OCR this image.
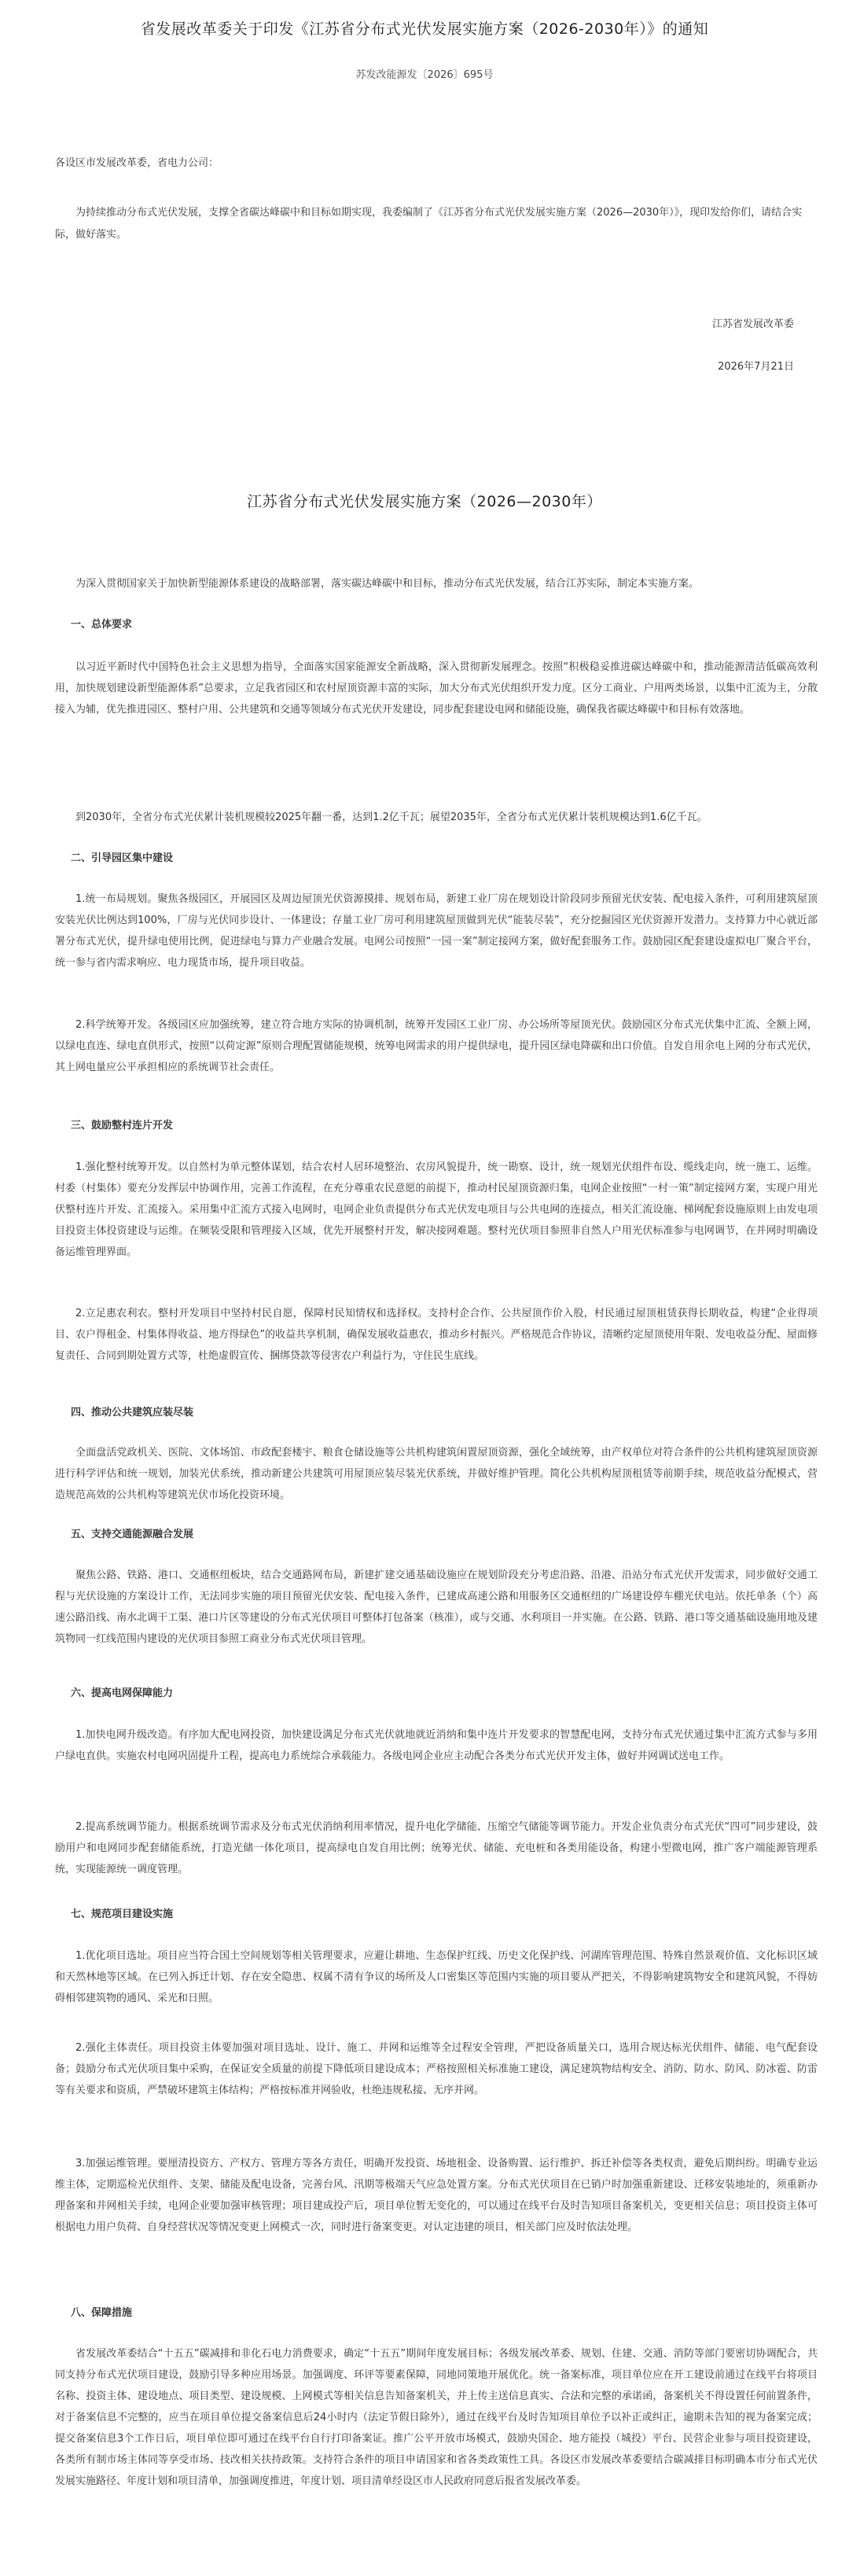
省发展改革委关于印发《江苏省分布式光伏发展实施方案（2026-2030年）》的通知
苏发改能源发〔2026〕695号
各设区市发展改革委，省电力公司：

为持续推动分布式光伏发展，支撑全省碳达峰碳中和目标如期实现，我委编制了《江苏省分布式光伏发展实施方案（2026—2030年）》，现印发给你们，请结合实际，做好落实。

江苏省发展改革委
2026年7月21日
江苏省分布式光伏发展实施方案（2026—2030年）

为深入贯彻国家关于加快新型能源体系建设的战略部署，落实碳达峰碳中和目标，推动分布式光伏发展，结合江苏实际，制定本实施方案。

一、总体要求

以习近平新时代中国特色社会主义思想为指导，全面落实国家能源安全新战略，深入贯彻新发展理念。按照“积极稳妥推进碳达峰碳中和，推动能源清洁低碳高效利用，加快规划建设新型能源体系”总要求，立足我省园区和农村屋顶资源丰富的实际，加大分布式光伏组织开发力度。区分工商业、户用两类场景，以集中汇流为主，分散接入为辅，优先推进园区、整村户用、公共建筑和交通等领域分布式光伏开发建设，同步配套建设电网和储能设施，确保我省碳达峰碳中和目标有效落地。

到2030年，全省分布式光伏累计装机规模较2025年翻一番，达到1.2亿千瓦；展望2035年，全省分布式光伏累计装机规模达到1.6亿千瓦。

二、引导园区集中建设

1.统一布局规划。聚焦各级园区，开展园区及周边屋顶光伏资源摸排、规划布局，新建工业厂房在规划设计阶段同步预留光伏安装、配电接入条件，可利用建筑屋顶安装光伏比例达到100%，厂房与光伏同步设计、一体建设；存量工业厂房可利用建筑屋顶做到光伏“能装尽装”，充分挖掘园区光伏资源开发潜力。支持算力中心就近部署分布式光伏，提升绿电使用比例，促进绿电与算力产业融合发展。电网公司按照“一园一案”制定接网方案，做好配套服务工作。鼓励园区配套建设虚拟电厂聚合平台，统一参与省内需求响应、电力现货市场，提升项目收益。

2.科学统筹开发。各级园区应加强统筹，建立符合地方实际的协调机制，统筹开发园区工业厂房、办公场所等屋顶光伏。鼓励园区分布式光伏集中汇流、全额上网，以绿电直连、绿电直供形式，按照“以荷定源”原则合理配置储能规模，统筹电网需求的用户提供绿电，提升园区绿电降碳和出口价值。自发自用余电上网的分布式光伏，其上网电量应公平承担相应的系统调节社会责任。

三、鼓励整村连片开发

1.强化整村统筹开发。以自然村为单元整体谋划，结合农村人居环境整治、农房风貌提升，统一勘察、设计，统一规划光伏组件布设、缆线走向，统一施工、运维。村委（村集体）要充分发挥层中协调作用，完善工作流程，在充分尊重农民意愿的前提下，推动村民屋顶资源归集，电网企业按照“一村一策”制定接网方案，实现户用光伏整村连片开发、汇流接入。采用集中汇流方式接入电网时，电网企业负责提供分布式光伏发电项目与公共电网的连接点，相关汇流设施、梯网配套设施原则上由发电项目投资主体投资建设与运维。在频装受限和管理接入区域，优先开展整村开发，解决接网难题。整村光伏项目参照非自然人户用光伏标准参与电网调节，在并网时明确设备运维管理界面。

2.立足惠农利农。整村开发项目中坚持村民自愿，保障村民知情权和选择权。支持村企合作、公共屋顶作价入股，村民通过屋顶租赁获得长期收益，构建“企业得项目、农户得租金、村集体得收益、地方得绿色”的收益共享机制，确保发展收益惠农，推动乡村振兴。严格规范合作协议，清晰约定屋顶使用年限、发电收益分配、屋面修复责任、合同到期处置方式等，杜绝虚假宣传、捆绑贷款等侵害农户利益行为，守住民生底线。

四、推动公共建筑应装尽装

全面盘活党政机关、医院、文体场馆、市政配套楼宇、粮食仓储设施等公共机构建筑闲置屋顶资源，强化全域统筹，由产权单位对符合条件的公共机构建筑屋顶资源进行科学评估和统一规划，加装光伏系统，推动新建公共建筑可用屋顶应装尽装光伏系统，并做好维护管理。简化公共机构屋顶租赁等前期手续，规范收益分配模式，营造规范高效的公共机构等建筑光伏市场化投资环境。

五、支持交通能源融合发展

聚焦公路、铁路、港口、交通枢纽板块，结合交通路网布局，新建扩建交通基础设施应在规划阶段充分考虑沿路、沿港、沿站分布式光伏开发需求，同步做好交通工程与光伏设施的方案设计工作，无法同步实施的项目预留光伏安装、配电接入条件，已建成高速公路和用服务区交通枢纽的广场建设停车棚光伏电站。依托单条（个）高速公路沿线、南水北调干工渠、港口片区等建设的分布式光伏项目可整体打包备案（核准），或与交通、水利项目一并实施。在公路、铁路、港口等交通基础设施用地及建筑物同一红线范围内建设的光伏项目参照工商业分布式光伏项目管理。

六、提高电网保障能力

1.加快电网升级改造。有序加大配电网投资，加快建设满足分布式光伏就地就近消纳和集中连片开发要求的智慧配电网，支持分布式光伏通过集中汇流方式参与多用户绿电直供。实施农村电网巩固提升工程，提高电力系统综合承载能力。各级电网企业应主动配合各类分布式光伏开发主体，做好并网调试送电工作。

2.提高系统调节能力。根据系统调节需求及分布式光伏消纳利用率情况，提升电化学储能、压缩空气储能等调节能力。开发企业负责分布式光伏“四可”同步建设，鼓励用户和电网同步配套储能系统，打造光储一体化项目，提高绿电自发自用比例；统筹光伏、储能、充电桩和各类用能设备，构建小型微电网，推广客户端能源管理系统，实现能源统一调度管理。

七、规范项目建设实施

1.优化项目选址。项目应当符合国土空间规划等相关管理要求，应避让耕地、生态保护红线、历史文化保护线、河湖库管理范围、特殊自然景观价值、文化标识区域和天然林地等区域。在已列入拆迁计划、存在安全隐患、权属不清有争议的场所及人口密集区等范围内实施的项目要从严把关，不得影响建筑物安全和建筑风貌，不得妨碍相邻建筑物的通风、采光和日照。

2.强化主体责任。项目投资主体要加强对项目选址、设计、施工、并网和运维等全过程安全管理，严把设备质量关口，选用合规达标光伏组件、储能、电气配套设备；鼓励分布式光伏项目集中采购，在保证安全质量的前提下降低项目建设成本；严格按照相关标准施工建设，满足建筑物结构安全、消防、防水、防风、防冰雹、防雷等有关要求和资质，严禁破坏建筑主体结构；严格按标准并网验收，杜绝违规私接、无序并网。

3.加强运维管理。要厘清投资方、产权方、管理方等各方责任，明确开发投资、场地租金、设备购置、运行维护、拆迁补偿等各类权责，避免后期纠纷。明确专业运维主体，定期巡检光伏组件、支架、储能及配电设备，完善台风、汛期等极端天气应急处置方案。分布式光伏项目在已销户时加强重新建设、迁移安装地址的，须重新办理备案和并网相关手续，电网企业要加强审核管理；项目建成投产后，项目单位暂无变化的，可以通过在线平台及时告知项目备案机关，变更相关信息；项目投资主体可根据电力用户负荷、自身经营状况等情况变更上网模式一次，同时进行备案变更。对认定违建的项目，相关部门应及时依法处理。

八、保障措施

省发展改革委结合“十五五”碳减排和非化石电力消费要求，确定“十五五”期间年度发展目标；各级发展改革委、规划、住建、交通、消防等部门要密切协调配合，共同支持分布式光伏项目建设，鼓励引导多种应用场景。加强调度、环评等要素保障，同地同策地开展优化。统一备案标准，项目单位应在开工建设前通过在线平台将项目名称、投资主体、建设地点、项目类型、建设规模、上网模式等相关信息告知备案机关，并上传主送信息真实、合法和完整的承诺函，备案机关不得设置任何前置条件，对于备案信息不完整的，应当在项目单位提交备案信息后24小时内（法定节假日除外），通过在线平台及时告知项目单位予以补正或纠正，逾期未告知的视为备案完成；提交备案信息3个工作日后，项目单位即可通过在线平台自行打印备案证。推广公平开放市场模式，鼓励央国企、地方能投（城投）平台、民营企业参与项目投资建设，各类所有制市场主体同等享受市场、技改相关扶持政策。支持符合条件的项目申请国家和省各类政策性工具。各设区市发展改革委要结合碳减排目标明确本市分布式光伏发展实施路径、年度计划和项目清单，加强调度推进，年度计划、项目清单经设区市人民政府同意后报省发展改革委。
